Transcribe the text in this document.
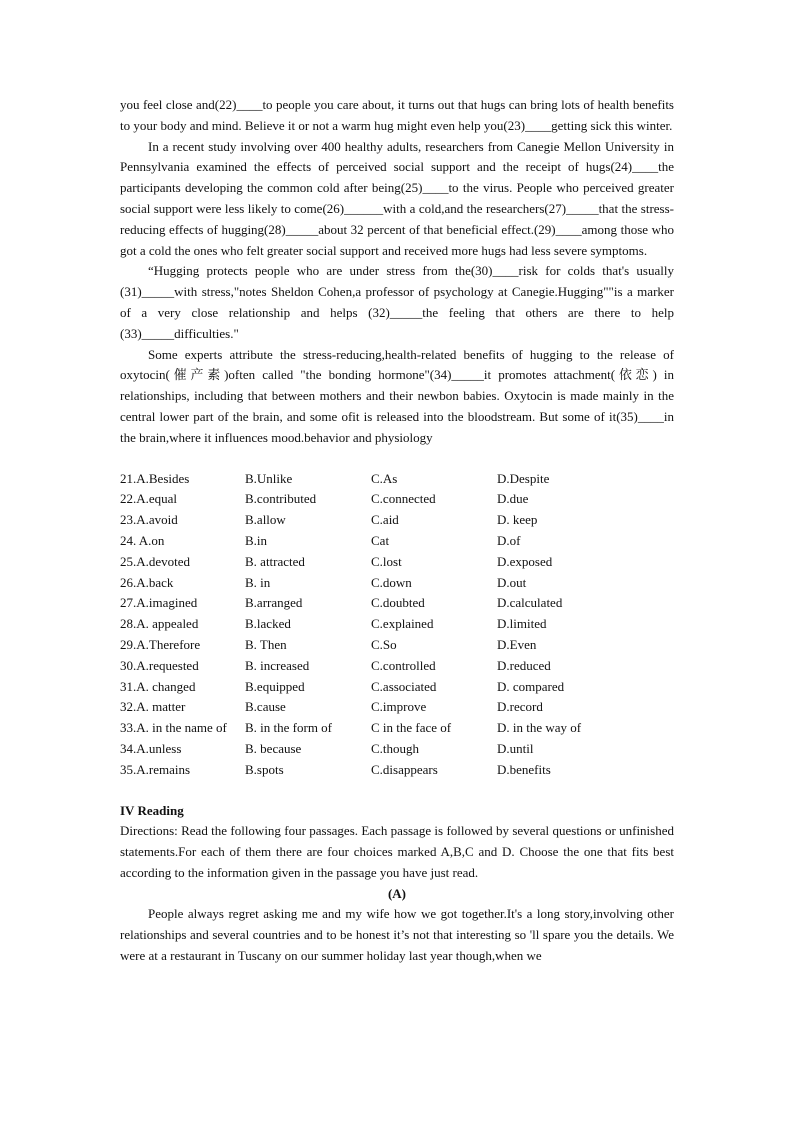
you feel close and(22)____to people you care about, it turns out that hugs can bring lots of health benefits to your body and mind. Believe it or not a warm hug might even help you(23)____getting sick this winter.

In a recent study involving over 400 healthy adults, researchers from Canegie Mellon University in Pennsylvania examined the effects of perceived social support and the receipt of hugs(24)____the participants developing the common cold after being(25)____to the virus. People who perceived greater social support were less likely to come(26)______with a cold,and the researchers(27)_____that the stress-reducing effects of hugging(28)_____about 32 percent of that beneficial effect.(29)____among those who got a cold the ones who felt greater social support and received more hugs had less severe symptoms.

“Hugging protects people who are under stress from the(30)____risk for colds that's usually (31)_____with stress,"notes Sheldon Cohen,a professor of psychology at Canegie.Hugging""is a marker of a very close relationship and helps (32)_____the feeling that others are there to help (33)_____difficulties."

Some experts attribute the stress-reducing,health-related benefits of hugging to the release of oxytocin(催产素)often called "the bonding hormone"(34)_____it promotes attachment(依恋) in relationships, including that between mothers and their newbon babies. Oxytocin is made mainly in the central lower part of the brain, and some ofit is released into the bloodstream. But some of it(35)____in the brain,where it influences mood.behavior and physiology

21.A.Besides	B.Unlike	C.As	D.Despite
22.A.equal	B.contributed	C.connected	D.due
23.A.avoid	B.allow	C.aid	D. keep
24. A.on	B.in	Cat	D.of
25.A.devoted	B. attracted	C.lost	D.exposed
26.A.back	B. in	C.down	D.out
27.A.imagined	B.arranged	C.doubted	D.calculated
28.A. appealed	B.lacked	C.explained	D.limited
29.A.Therefore	B. Then	C.So	D.Even
30.A.requested	B. increased	C.controlled	D.reduced
31.A. changed	B.equipped	C.associated	D. compared
32.A. matter	B.cause	C.improve	D.record
33.A. in the name of	B. in the form of	C in the face of	D. in the way of
34.A.unless	B. because	C.though	D.until
35.A.remains	B.spots	C.disappears	D.benefits
IV Reading

Directions: Read the following four passages. Each passage is followed by several questions or unfinished statements.For each of them there are four choices marked A,B,C and D. Choose the one that fits best according to the information given in the passage you have just read.

(A)

People always regret asking me and my wife how we got together.It's a long story,involving other relationships and several countries and to be honest it’s not that interesting so 'll spare you the details. We were at a restaurant in Tuscany on our summer holiday last year though,when we
